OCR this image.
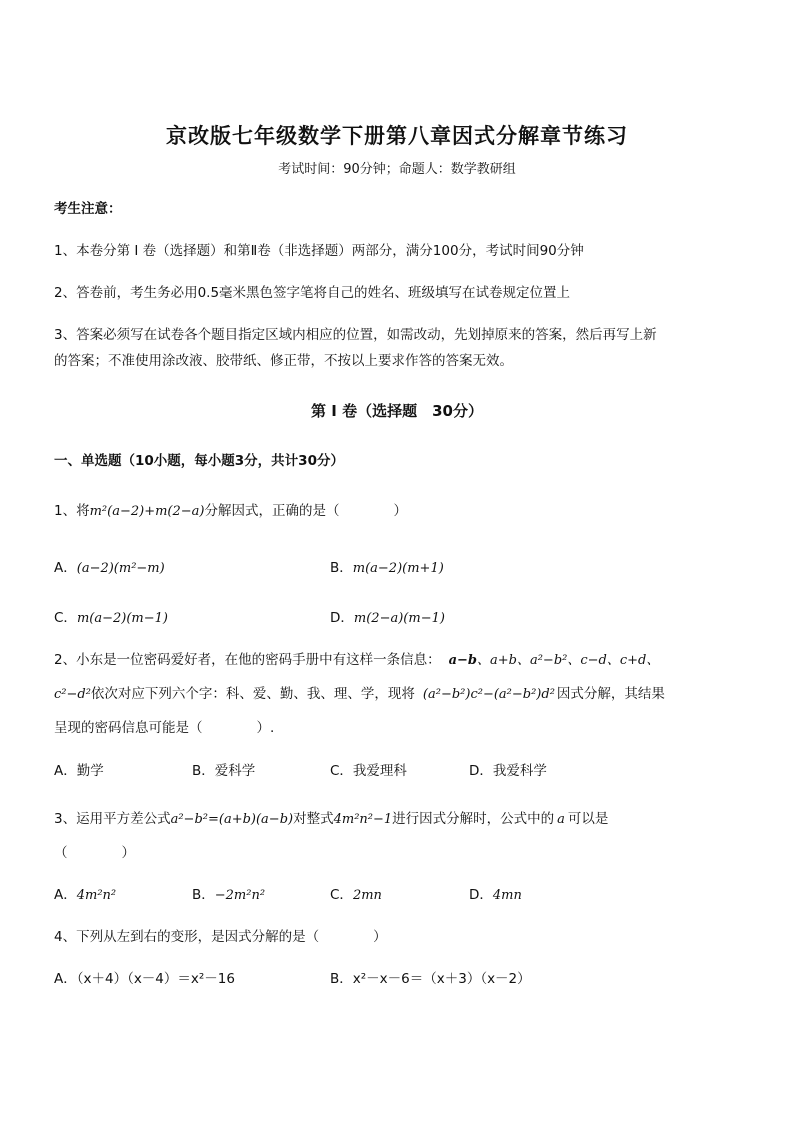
京改版七年级数学下册第八章因式分解章节练习
考试时间：90分钟；命题人：数学教研组
考生注意：
1、本卷分第 I 卷（选择题）和第Ⅱ卷（非选择题）两部分，满分100分，考试时间90分钟
2、答卷前，考生务必用0.5毫米黑色签字笔将自己的姓名、班级填写在试卷规定位置上
3、答案必须写在试卷各个题目指定区域内相应的位置，如需改动，先划掉原来的答案，然后再写上新
的答案；不准使用涂改液、胶带纸、修正带，不按以上要求作答的答案无效。
第 I 卷（选择题　30分）
一、单选题（10小题，每小题3分，共计30分）
1、将m²(a−2)+m(2−a)分解因式，正确的是（　　　　）
A．(a−2)(m²−m)	B．m(a−2)(m+1)
C．m(a−2)(m−1)	D．m(2−a)(m−1)
2、小东是一位密码爱好者，在他的密码手册中有这样一条信息： a−b、a+b、a²−b²、c−d、c+d、
c²−d²依次对应下列六个字：科、爱、勤、我、理、学，现将 (a²−b²)c²−(a²−b²)d² 因式分解，其结果
呈现的密码信息可能是（　　　　）.
A．勤学	B．爱科学	C．我爱理科	D．我爱科学
3、运用平方差公式a²−b²=(a+b)(a−b)对整式4m²n²−1进行因式分解时，公式中的 a 可以是
（　　　　）
A．4m²n²	B．−2m²n²	C．2mn	D．4mn
4、下列从左到右的变形，是因式分解的是（　　　　）
A．（x＋4）（x－4）＝x²－16	B．x²－x－6＝（x＋3）（x－2）
